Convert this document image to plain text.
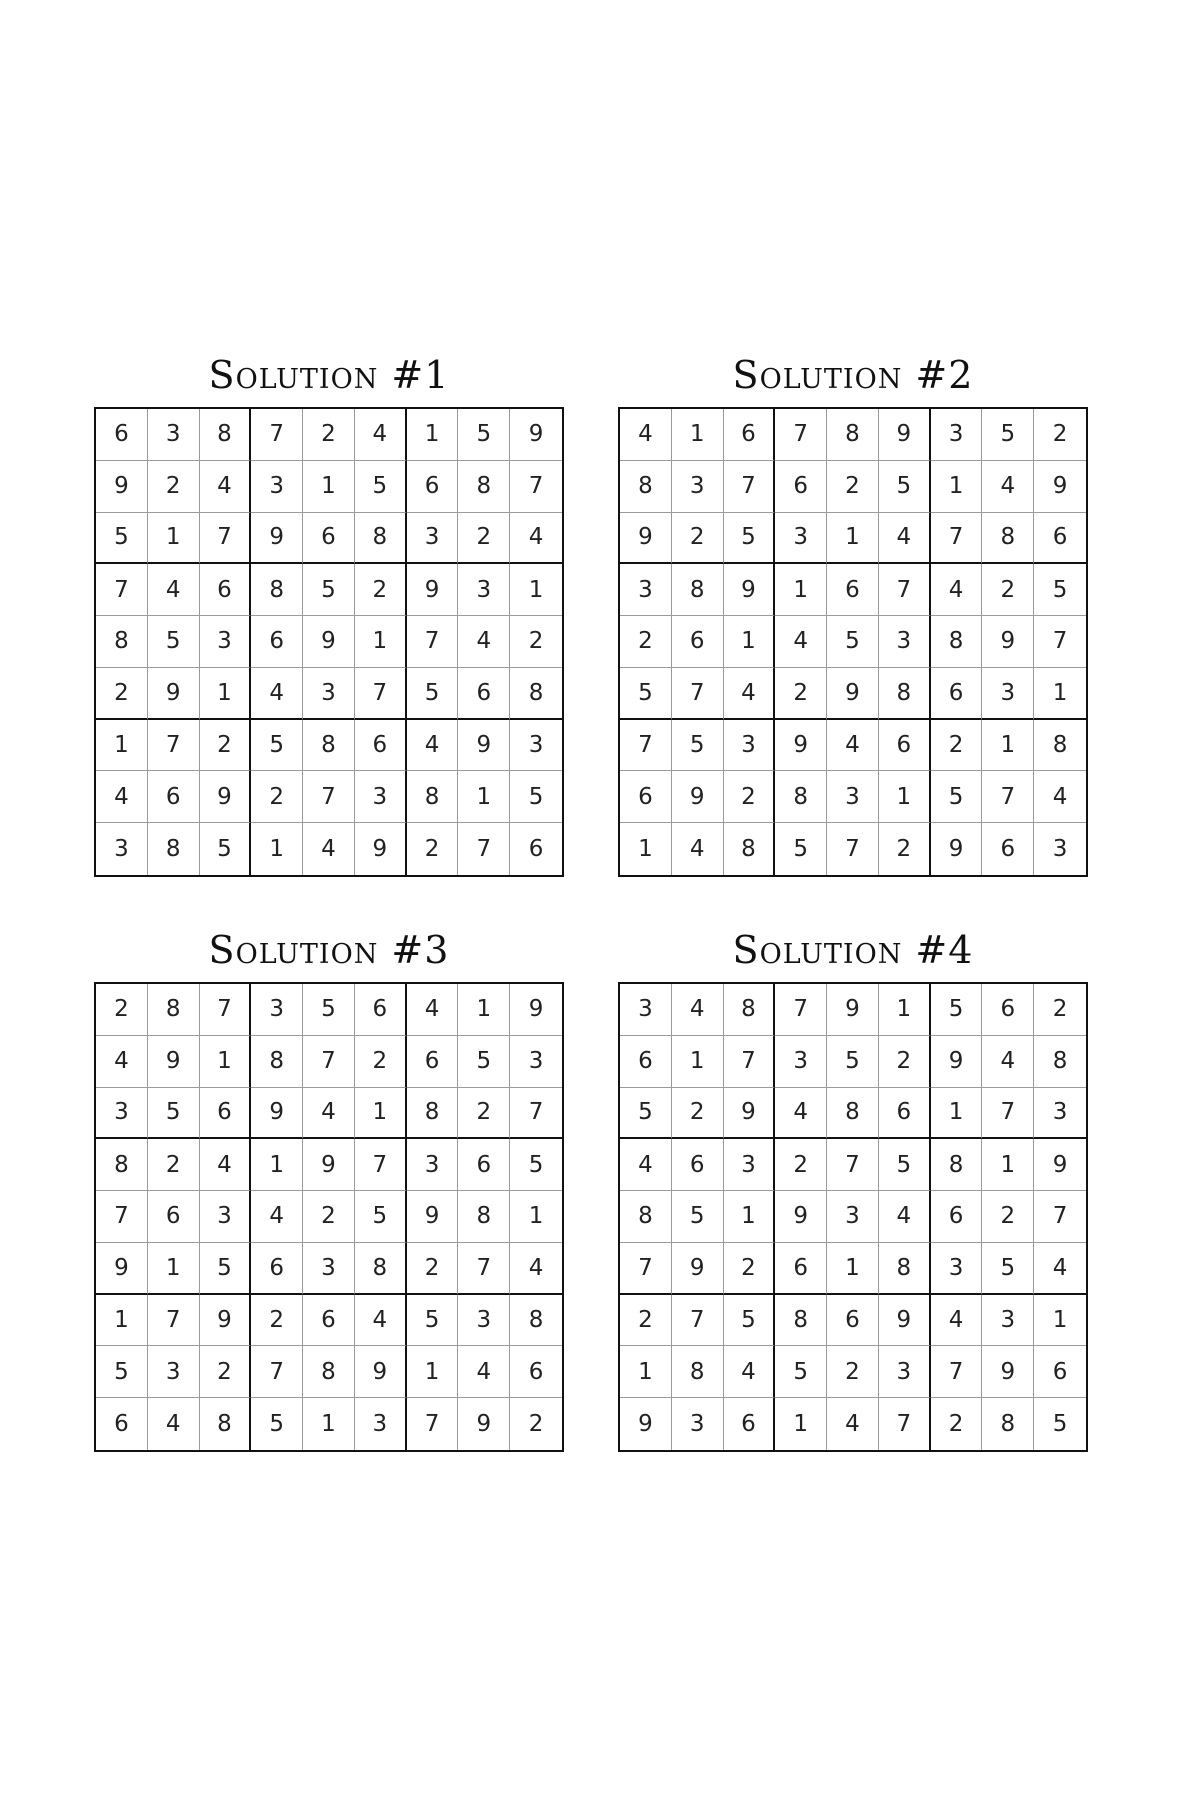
Solution #1
6	3	8	7	2	4	1	5	9
9	2	4	3	1	5	6	8	7
5	1	7	9	6	8	3	2	4
7	4	6	8	5	2	9	3	1
8	5	3	6	9	1	7	4	2
2	9	1	4	3	7	5	6	8
1	7	2	5	8	6	4	9	3
4	6	9	2	7	3	8	1	5
3	8	5	1	4	9	2	7	6
Solution #2
4	1	6	7	8	9	3	5	2
8	3	7	6	2	5	1	4	9
9	2	5	3	1	4	7	8	6
3	8	9	1	6	7	4	2	5
2	6	1	4	5	3	8	9	7
5	7	4	2	9	8	6	3	1
7	5	3	9	4	6	2	1	8
6	9	2	8	3	1	5	7	4
1	4	8	5	7	2	9	6	3
Solution #3
2	8	7	3	5	6	4	1	9
4	9	1	8	7	2	6	5	3
3	5	6	9	4	1	8	2	7
8	2	4	1	9	7	3	6	5
7	6	3	4	2	5	9	8	1
9	1	5	6	3	8	2	7	4
1	7	9	2	6	4	5	3	8
5	3	2	7	8	9	1	4	6
6	4	8	5	1	3	7	9	2
Solution #4
3	4	8	7	9	1	5	6	2
6	1	7	3	5	2	9	4	8
5	2	9	4	8	6	1	7	3
4	6	3	2	7	5	8	1	9
8	5	1	9	3	4	6	2	7
7	9	2	6	1	8	3	5	4
2	7	5	8	6	9	4	3	1
1	8	4	5	2	3	7	9	6
9	3	6	1	4	7	2	8	5
